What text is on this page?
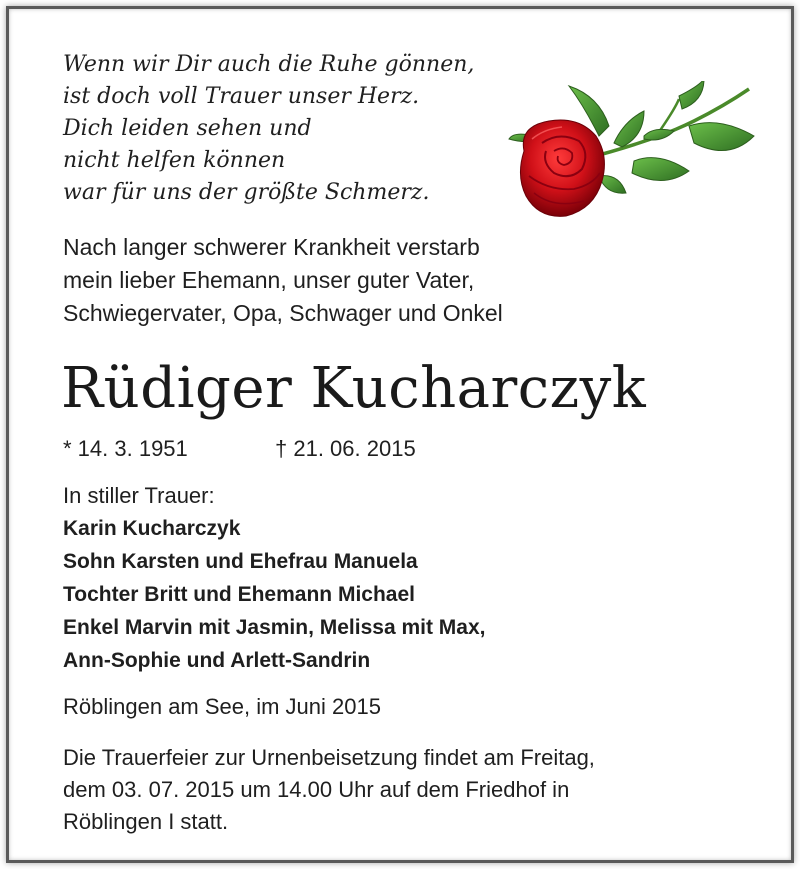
Wenn wir Dir auch die Ruhe gönnen,
ist doch voll Trauer unser Herz.
Dich leiden sehen und
nicht helfen können
war für uns der größte Schmerz.
Nach langer schwerer Krankheit verstarb
mein lieber Ehemann, unser guter Vater,
Schwiegervater, Opa, Schwager und Onkel
Rüdiger Kucharczyk
* 14. 3. 1951	† 21. 06. 2015
In stiller Trauer:
Karin Kucharczyk
Sohn Karsten und Ehefrau Manuela
Tochter Britt und Ehemann Michael
Enkel Marvin mit Jasmin, Melissa mit Max,
Ann-Sophie und Arlett-Sandrin
Röblingen am See, im Juni 2015
Die Trauerfeier zur Urnenbeisetzung findet am Freitag,
dem 03. 07. 2015 um 14.00 Uhr auf dem Friedhof in
Röblingen I statt.
